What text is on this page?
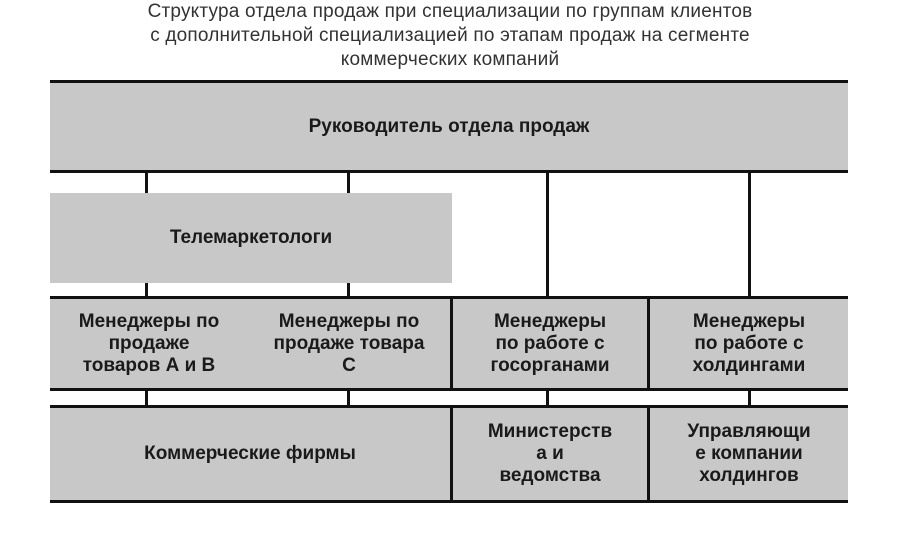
Структура отдела продаж при специализации по группам клиентов
с дополнительной специализацией по этапам продаж на сегменте
коммерческих компаний
Руководитель отдела продаж
Телемаркетологи
Менеджеры по
продаже
товаров А и В
Менеджеры по
продаже товара
С
Менеджеры
по работе с
госорганами
Менеджеры
по работе с
холдингами
Коммерческие фирмы
Министерств
а и
ведомства
Управляющи
е компании
холдингов
